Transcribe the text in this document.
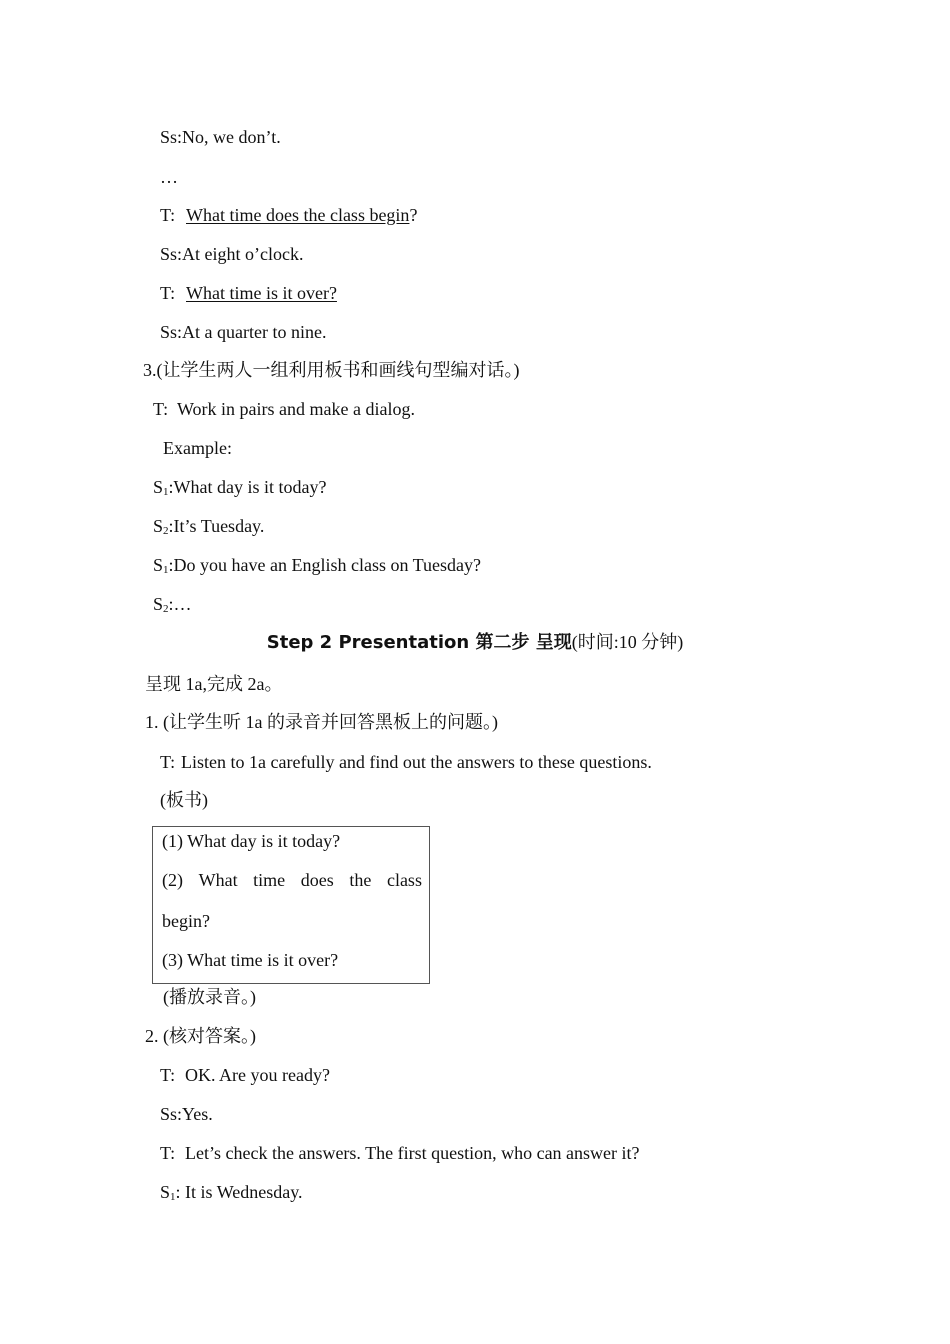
Ss:No, we don’t.
…
T: What time does the class begin?
Ss:At eight o’clock.
T: What time is it over?
Ss:At a quarter to nine.
3.(让学生两人一组利用板书和画线句型编对话。)
T: Work in pairs and make a dialog.
Example:
$S_1:What$ day is it today?
$S_2:It’s$ Tuesday.
$S_1:Do$ you have an English class on Tuesday?
$S_2:\dots$
Step 2 Presentation 第二步 呈现(时间:10 分钟)
呈现 1a,完成 2a。
1. (让学生听 1a 的录音并回答黑板上的问题。)
T: Listen to 1a carefully and find out the answers to these questions.
(板书)
(1) What day is it today?
(2) What time does the class
begin?
(3) What time is it over?
(播放录音。)
2. (核对答案。)
T: OK. Are you ready?
Ss:Yes.
T: Let’s check the answers. The first question, who can answer it?
$S_1$: It is Wednesday.
